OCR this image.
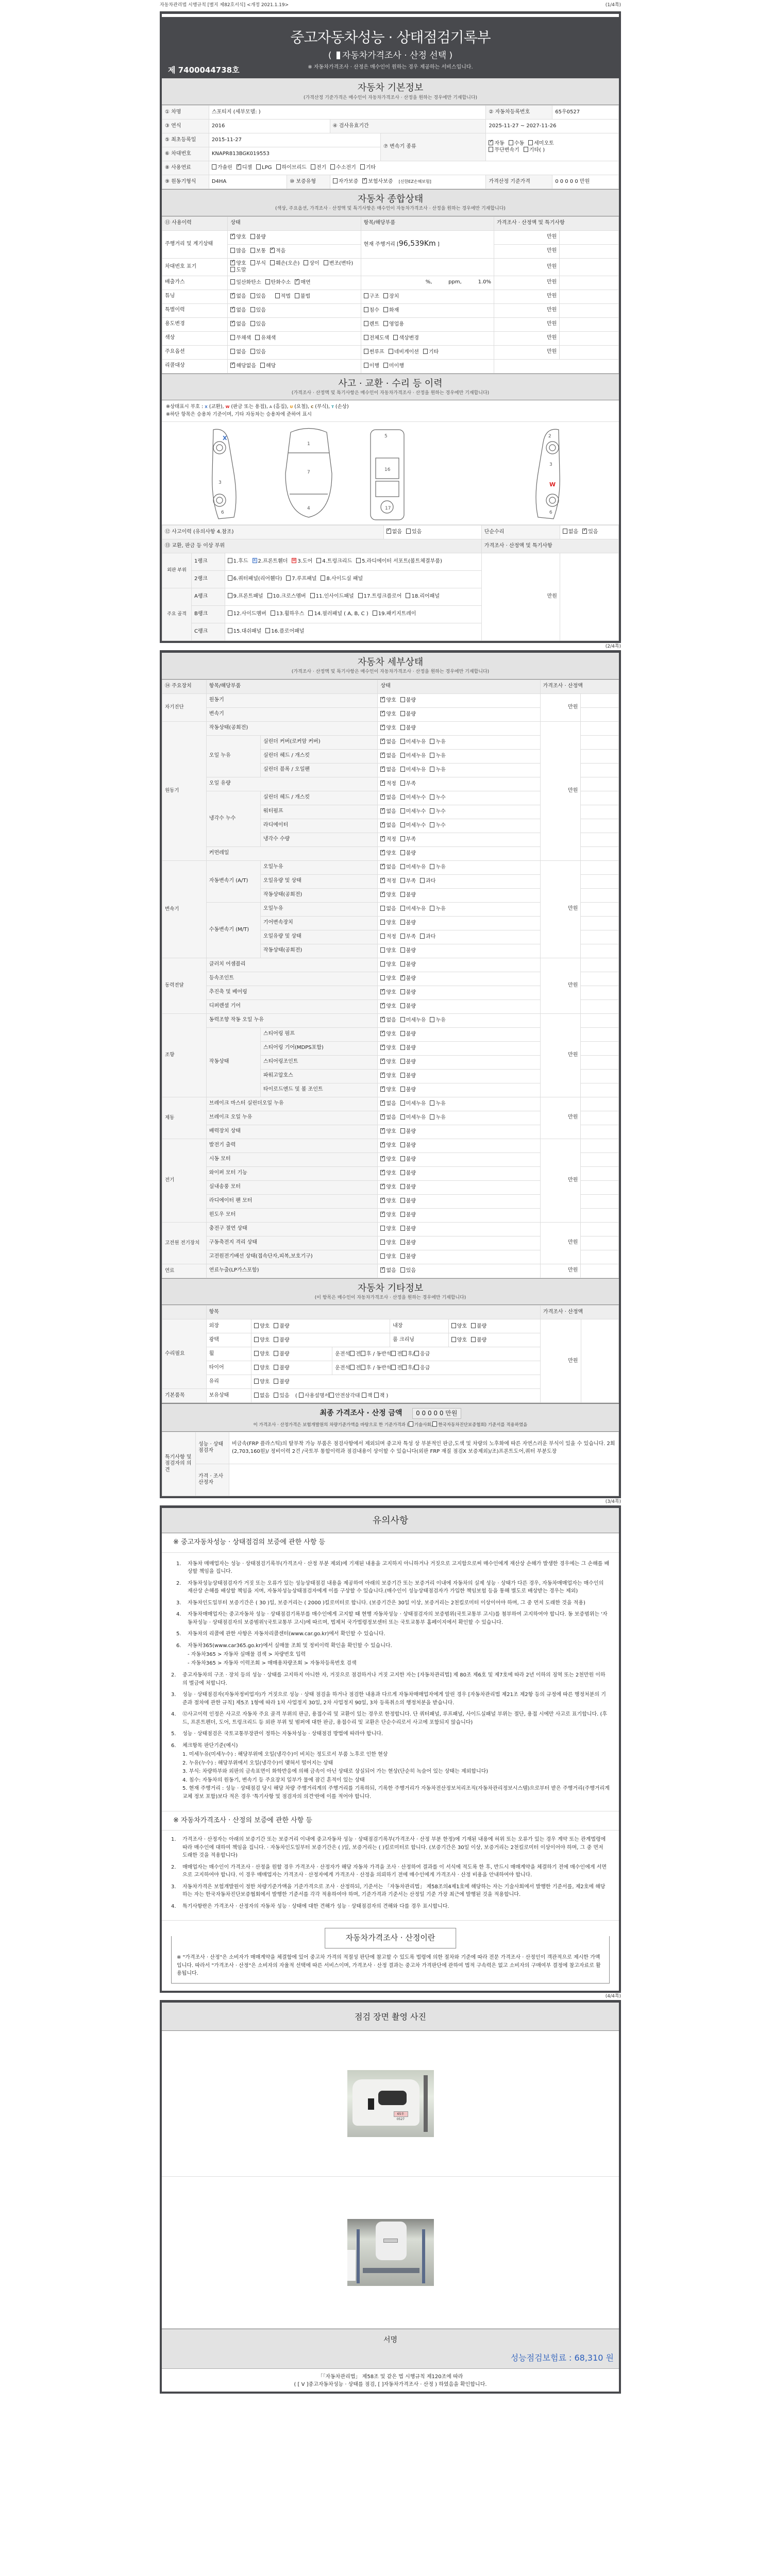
자동차관리법 시행규칙 [별지 제82호서식] <개정 2021.1.19>	(1/4쪽)
중고자동차성능 · 상태점검기록부
( 자동차가격조사 · 산정 선택 )
※ 자동차가격조사 · 산정은 매수인이 원하는 경우 제공하는 서비스입니다.
제 7400044738호
자동차 기본정보
(가격산정 기준가격은 매수인이 자동차가격조사 · 산정을 원하는 경우에만 기재합니다)
① 차명	스포티지 (세부모델: )				② 자동차등록번호	65우0527
③ 연식	2016		④ 검사유효기간		2025-11-27 ~ 2027-11-26	
⑤ 최초등록일	2015-11-27			⑦ 변속기 종류	✓자동 수동 세미오토
무단변속기 기타( )
⑥ 차대번호	KNAPR813BGK019553					
⑧ 사용연료	가솔린 ✓ 디젤 LPG 하이브리드 전기 수소전기 기타
⑨ 원동기형식	D4HA	⑩ 보증유형	자가보증 ✓ 보험사보증 [신한EZ손해보험]		가격산정 기준가격	0 0 0 0 0 만원
자동차 종합상태
(색상, 주요옵션, 가격조사 · 산정액 및 특기사항은 매수인이 자동차가격조사 · 산정을 원하는 경우에만 기재합니다)
⑪ 사용이력	상태	항목/해당부품	가격조사 · 산정액 및 특기사항	
주행거리 및 계기상태	✓양호 불량	현재 주행거리 [96,539Km ]	만원	
	많음 보통 ✓ 적음		만원	
차대번호 표기	✓양호 부식 훼손(오손) 상이 변조(변타)도말		만원	
배출가스	일산화탄소 탄화수소 ✓ 매연	%,          ppm,          1.0%	만원	
튜닝	✓없음 있음 적법 불법	구조 장치	만원	
특별이력	✓없음 있음	침수 화재	만원	
용도변경	✓없음 있음	렌트 영업용	만원	
색상	무채색 유채색	전체도색 색상변경	만원	
주요옵션	없음 있음	썬루프 네비게이션 기타	만원	
리콜대상	✓해당없음 해당	이행 미이행		
사고 · 교환 · 수리 등 이력
(가격조사 · 산정액 및 특기사항은 매수인이 자동차가격조사 · 산정을 원하는 경우에만 기재합니다)
※상태표시 부호 : X (교환), W (판금 또는 용접), A (흠집), U (요철), C (부식), T (손상)
※하단 항목은 승용차 기준이며, 기타 자동차는 승용차에 준하여 표시
1
7
4
3
6
5
16
17
2
3
6
X
W
⑫ 사고이력 (유의사항 4.참조)	✓없음 있음	단순수리	없음 ✓ 있음
⑬ 교환, 판금 등 이상 부위				가격조사 · 산정액 및 특기사항	
외판 부위	1랭크	1.후드 x 2.프론트휀더 w 3.도어 4.트렁크리드 5.라디에이터 서포트(볼트체결부품)		만원	
	2랭크	6.쿼터패널(리어휀다) 7.루프패널 8.사이드실 패널			
주요 골격	A랭크	9.프론트패널 10.크로스멤버 11.인사이드패널 17.트렁크플로어 18.리어패널			
	B랭크	12.사이드멤버 13.휠하우스 14.필러패널 ( A, B, C ) 19.패키지트레이			
	C랭크	15.대쉬패널 16.플로어패널			
(2/4쪽)
자동차 세부상태
(가격조사 · 산정액 및 특기사항은 매수인이 자동차가격조사 · 산정을 원하는 경우에만 기재합니다)
⑭ 주요장치	항목/해당부품		상태	가격조사 · 산정액	
자기진단	원동기	✓양호 불량	만원	
	변속기	✓양호 불량	
원동기	작동상태(공회전)	✓양호 불량	만원	
	오일 누유	실린더 커버(로커암 커버)	✓없음 미세누유 누유	
		실린더 헤드 / 개스킷	✓없음 미세누유 누유	
		실린더 블록 / 오일팬	✓없음 미세누유 누유	
	오일 유량	✓적정 부족	
	냉각수 누수	실린더 헤드 / 개스킷	✓없음 미세누수 누수	
		워터펌프	✓없음 미세누수 누수	
		라디에이터	✓없음 미세누수 누수	
		냉각수 수량	✓적정 부족	
	커먼레일	✓양호 불량	
변속기	자동변속기 (A/T)	오일누유	✓없음 미세누유 누유	만원	
		오일유량 및 상태	✓적정 부족 과다	
		작동상태(공회전)	✓양호 불량	
	수동변속기 (M/T)	오일누유	없음 미세누유 누유		
		기어변속장치	양호 불량		
		오일유량 및 상태	적정 부족 과다		
		작동상태(공회전)	양호 불량		
동력전달	클러치 어셈블리		양호 불량	만원	
	등속조인트		양호 ✓ 불량	
	추진축 및 베어링	✓양호 불량	
	디퍼렌셜 기어	✓양호 불량	
조향	동력조향 작동 오일 누유	✓없음 미세누유 누유	만원	
	작동상태	스티어링 펌프	✓양호 불량	
		스티어링 기어(MDPS포함)	✓양호 불량	
		스티어링조인트	✓양호 불량	
		파워고압호스	✓양호 불량	
		타이로드엔드 및 볼 조인트	✓양호 불량	
제동	브레이크 마스터 실린더오일 누유	✓없음 미세누유 누유	만원	
	브레이크 오일 누유	✓없음 미세누유 누유	
	배력장치 상태	✓양호 불량	
전기	발전기 출력	✓양호 불량	만원	
	시동 모터	✓양호 불량	
	와이퍼 모터 기능	✓양호 불량	
	실내송풍 모터	✓양호 불량	
	라디에이터 팬 모터	✓양호 불량	
	윈도우 모터	✓양호 불량	
고전원 전기장치	충전구 절연 상태		양호 불량	만원	
	구동축전지 격리 상태		양호 불량		
	고전원전기배선 상태(접속단자,피복,보호기구)		양호 불량		
연료	연료누출(LP가스포함)	✓없음 있음	만원	
자동차 기타정보
(이 항목은 매수인이 자동차가격조사 · 산정을 원하는 경우에만 기재합니다)
	항목					가격조사 · 산정액	
수리필요	외장	양호 불량		내장	양호 불량	만원	
	광택	양호 불량		룸 크리닝	양호 불량		
	휠	양호 불량	운전석 전 후 / 동반석 전 후/ 응급				
	타이어	양호 불량	운전석 전 후 / 동반석 전 후/ 응급				
	유리	양호 불량					
기본품목	보유상태	없음 있음 ( 사용설명서 안전삼각대 잭 잭 )					
최종 가격조사 · 산정 금액 0 0 0 0 0 만원
이 가격조사 · 산정가격은 보험개발원의 차량기준가액을 바탕으로 한 기준가격과 ( 기술사회, 한국자동차진단보증협회) 기준서를 적용하였음
특기사항 및 점검자의 의견	성능 · 상태점검자	비금속(FRP 플라스틱)의 탈부착 가능 부품은 점검사항에서 제외되며 중고차 특성 상 부분적인 판금,도색 및 차량의 노후화에 따른 자연스러운 부식이 있을 수 있습니다. 2회 (2,703,160원)/ 정비이력 2건 /국토부 통합이력과 점검내용이 상이할 수 있습니다(외판 FRP 재질 점검X 보증제외)/조)프론트도어,쿼터 부분도장
	가격 · 조사산정자	
(3/4쪽)
유의사항
※ 중고자동차성능 · 상태점검의 보증에 관한 사항 등
1.	자동차 매매업자는 성능 · 상태점검기록부(가격조사 · 산정 부분 제외)에 기재된 내용을 고지하지 아니하거나 거짓으로 고지함으로써 매수인에게 재산상 손해가 발생한 경우에는 그 손해를 배상할 책임을 집니다.
2.	자동차성능상태점검자가 거짓 또는 오류가 있는 성능상태점검 내용을 제공하여 아래의 보증기간 또는 보증거리 이내에 자동차의 실제 성능 · 상태가 다른 경우, 자동차매매업자는 매수인의 재산상 손해를 배상할 책임을 지며, 자동차성능상태점검자에게 이를 구상할 수 있습니다.(매수인이 성능상태점검자가 가입한 책임보험 등을 통해 별도로 배상받는 경우는 제외)
3.	자동차인도일부터 보증기간은 ( 30 )일, 보증거리는 ( 2000 )킬로미터로 합니다. (보증기간은 30일 이상, 보증거리는 2천킬로미터 이상이어야 하며, 그 중 먼저 도래한 것을 적용)
4.	자동차매매업자는 중고자동차 성능 · 상태점검기록부를 매수인에게 고지할 때 현행 자동차성능 · 상태점검자의 보증범위(국토교통부 고시)를 첨부하여 고지하여야 합니다. 동 보증범위는 '자동차성능 · 상태점검자의 보증범위'(국토교통부 고시)에 따르며, 법제처 국가법령정보센터 또는 국토교통부 홈페이지에서 확인할 수 있습니다.
5.	자동차의 리콜에 관한 사항은 자동차리콜센터(www.car.go.kr)에서 확인할 수 있습니다.
6.	자동차365(www.car365.go.kr)에서 실매물 조회 및 정비이력 확인을 확인할 수 있습니다.
- 자동차365 > 자동차 실매물 검색 > 차량번호 입력
- 자동차365 > 자동차 이력조회 > 매매용차량조회 > 자동차등록번호 검색
2.	중고자동차의 구조 · 장치 등의 성능 · 상태를 고지하지 아니한 자, 거짓으로 점검하거나 거짓 고지한 자는 [자동차관리법] 제 80조 제6호 및 제7호에 따라 2년 이하의 징역 또는 2천만원 이하의 벌금에 처합니다.
3.	성능 · 상태점검자(자동차정비업자)가 거짓으로 성능 · 상태 점검을 하거나 점검한 내용과 다르게 자동차매매업자에게 알린 경우 [자동차관리법 제21조 제2항 등의 규정에 따른 행정처분의 기준과 절차에 관한 규칙] 제5조 1항에 따라 1차 사업정지 30일, 2차 사업정지 90일, 3차 등록취소의 행정처분을 받습니다.
4.	⑫사고이력 인정은 사고로 자동차 주요 골격 부위의 판금, 용접수리 및 교환이 있는 경우로 한정합니다. 단 쿼터패널, 루프패널, 사이드실패널 부위는 절단, 용접 시에만 사고로 표기합니다. (후드, 프론트펜더, 도어, 트렁크리드 등 외판 부위 및 범퍼에 대한 판금, 용접수리 및 교환은 단순수리로서 사고에 포함되지 않습니다)
5.	성능 · 상태점검은 국토교통부장관이 정하는 자동차성능 · 상태점검 방법에 따라야 합니다.
6.	체크항목 판단기준(예시)
1. 미세누유(미세누수) : 해당부위에 오일(냉각수)이 비치는 정도로서 부품 노후로 인한 현상
2. 누유(누수) : 해당부위에서 오일(냉각수)이 맺혀서 떨어지는 상태
3. 부식: 차량하부와 외판의 금속표면이 화학반응에 의해 금속이 아닌 상태로 상실되어 가는 현상(단순히 녹슬어 있는 상태는 제외합니다)
4. 침수: 자동차의 원동기, 변속기 등 주요장치 일부가 물에 잠긴 흔적이 있는 상태
5. 현재 주행거리 : 성능 · 상태점검 당시 해당 차량 주행거리계의 주행거리를 기록하되, 기록한 주행거리가 자동차전산정보처리조직(자동차관리정보시스템)으로부터 받은 주행거리(주행거리계 교체 정보 포함)보다 적은 경우 '특기사항 및 점검자의 의견'란에 이를 적어야 합니다.
※ 자동차가격조사 · 산정의 보증에 관한 사항 등
1.	가격조사 · 산정자는 아래의 보증기간 또는 보증거리 이내에 중고자동차 성능 · 상태점검기록부(가격조사 · 산정 부분 한정)에 기재된 내용에 허위 또는 오류가 있는 경우 계약 또는 관계법령에 따라 매수인에 대하여 책임을 집니다. · 자동차인도일부터 보증기간은 ( )일, 보증거리는 ( )킬로미터로 합니다. (보증기간은 30일 이상, 보증거리는 2천킬로미터 이상이어야 하며, 그 중 먼저 도래한 것을 적용합니다)
2.	매매업자는 매수인이 가격조사 · 산정을 원할 경우 가격조사 · 산정자가 해당 자동차 가격을 조사 · 산정하여 결과를 이 서식에 적도록 한 후, 반드시 매매계약을 체결하기 전에 매수인에게 서면으로 고지하여야 합니다. 이 경우 매매업자는 가격조사 · 산정자에게 가격조사 · 산정을 의뢰하기 전에 매수인에게 가격조사 · 산정 비용을 안내하여야 합니다.
3.	자동차가격은 보험개발원이 정한 차량기준가액을 기준가격으로 조사 · 산정하되, 기준서는 「자동차관리법」 제58조의4제1호에 해당하는 자는 기술사회에서 발행한 기준서를, 제2호에 해당하는 자는 한국자동차진단보증협회에서 발행한 기준서를 각각 적용하여야 하며, 기준가격과 기준서는 산정일 기준 가장 최근에 발행된 것을 적용합니다.
4.	특기사항란은 가격조사 · 산정자의 자동차 성능 · 상태에 대한 견해가 성능 · 상태점검자의 견해와 다를 경우 표시합니다.
자동차가격조사 · 산정이란
※ "가격조사 · 산정"은 소비자가 매매계약을 체결함에 있어 중고차 가격의 적절성 판단에 참고할 수 있도록 법령에 의한 절차와 기준에 따라 전문 가격조사 · 산정인이 객관적으로 제시한 가액입니다. 따라서 "가격조사 · 산정"은 소비자의 자율적 선택에 따른 서비스이며, 가격조사 · 산정 결과는 중고차 가격판단에 관하여 법적 구속력은 없고 소비자의 구매여부 결정에 참고자료로 활용됩니다.
(4/4쪽)
점검 장면 촬영 사진
65우 0527
서명
성능점검보험료 : 68,310 원
「「자동차관리법」 제58조 및 같은 법 시행규칙 제120조에 따라
( [ V ]중고자동차성능 · 상태를 점검, [ ]자동차가격조사 · 산정 ) 하였음을 확인합니다.
